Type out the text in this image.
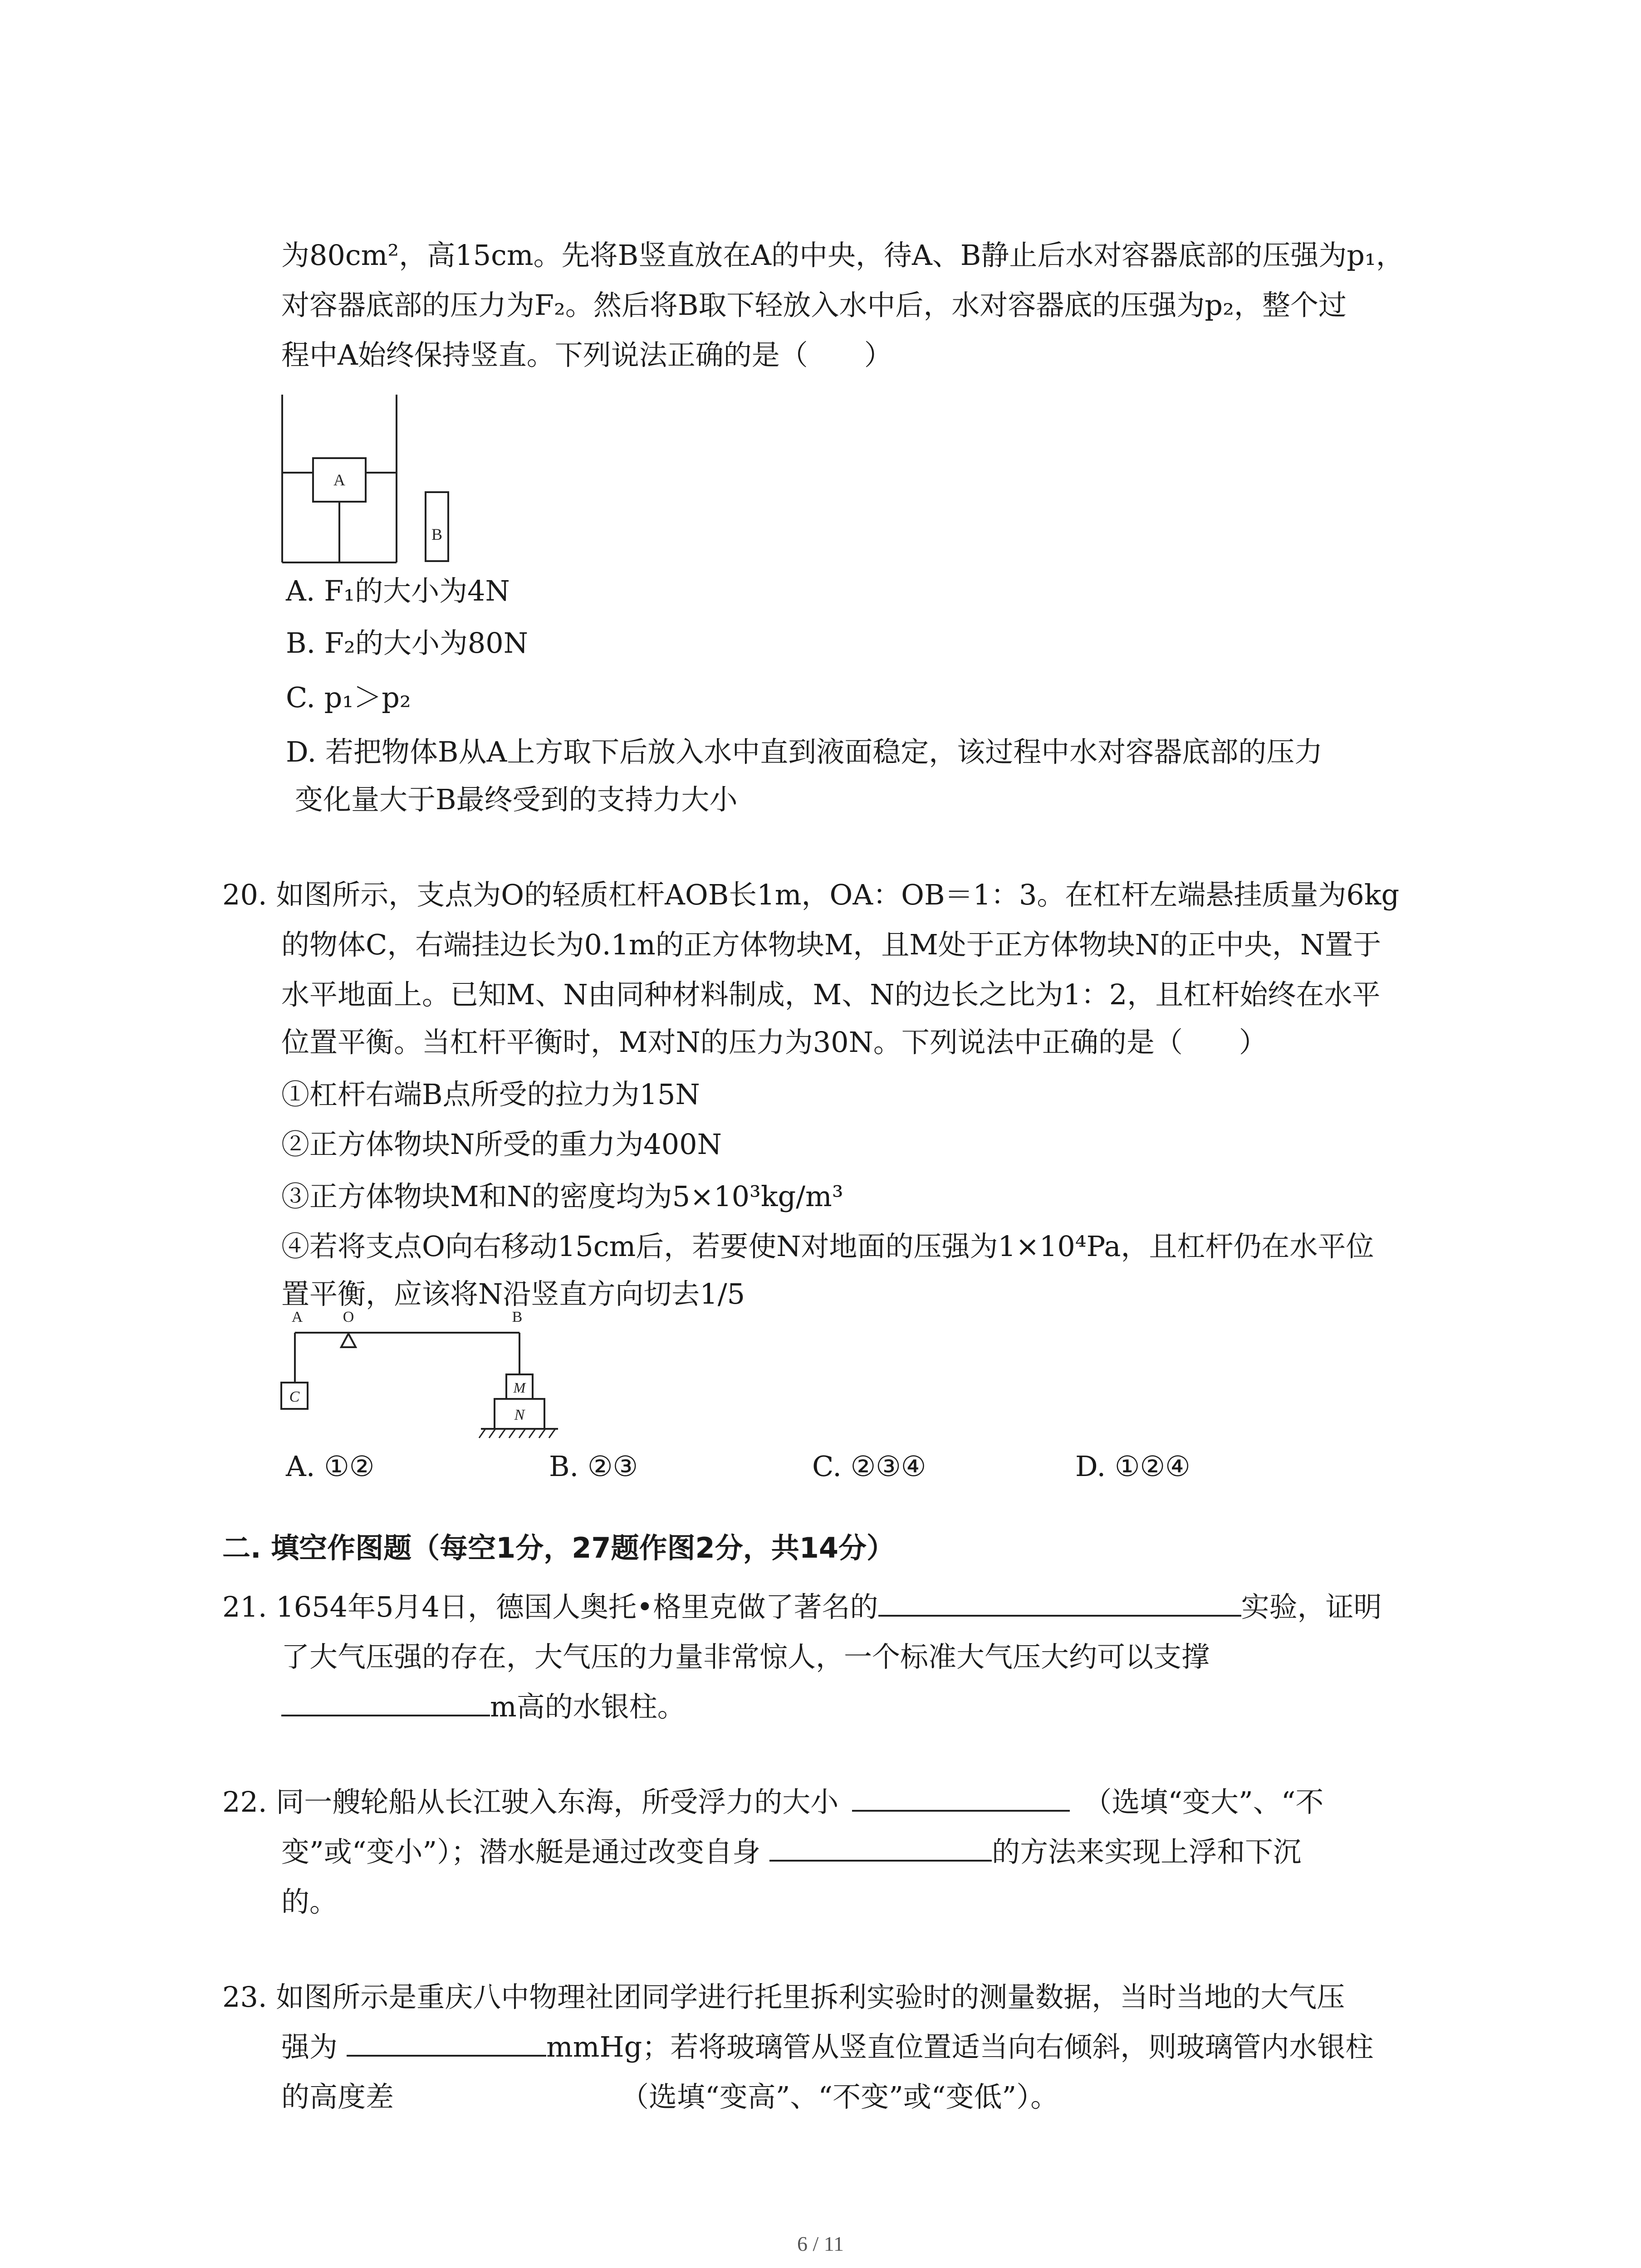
为80cm²，高15cm。先将B竖直放在A的中央，待A、B静止后水对容器底部的压强为p₁，
对容器底部的压力为F₂。然后将B取下轻放入水中后，水对容器底的压强为p₂，整个过
程中A始终保持竖直。下列说法正确的是（　　）
A
B
A. F₁的大小为4N
B. F₂的大小为80N
C. p₁＞p₂
D. 若把物体B从A上方取下后放入水中直到液面稳定，该过程中水对容器底部的压力
变化量大于B最终受到的支持力大小
20. 如图所示，支点为O的轻质杠杆AOB长1m，OA：OB＝1：3。在杠杆左端悬挂质量为6kg
的物体C，右端挂边长为0.1m的正方体物块M，且M处于正方体物块N的正中央，N置于
水平地面上。已知M、N由同种材料制成，M、N的边长之比为1：2，且杠杆始终在水平
位置平衡。当杠杆平衡时，M对N的压力为30N。下列说法中正确的是（　　）
①杠杆右端B点所受的拉力为15N
②正方体物块N所受的重力为400N
③正方体物块M和N的密度均为5×10³kg/m³
④若将支点O向右移动15cm后，若要使N对地面的压强为1×10⁴Pa，且杠杆仍在水平位
置平衡，应该将N沿竖直方向切去1/5
A	O	B
C
M
N
A. ①②	B. ②③	C. ②③④	D. ①②④
二. 填空作图题（每空1分，27题作图2分，共14分）
21. 1654年5月4日，德国人奥托•格里克做了著名的	实验，证明
了大气压强的存在，大气压的力量非常惊人，一个标准大气压大约可以支撑
m高的水银柱。
22. 同一艘轮船从长江驶入东海，所受浮力的大小	（选填“变大”、“不
变”或“变小”）；潜水艇是通过改变自身	的方法来实现上浮和下沉
的。
23. 如图所示是重庆八中物理社团同学进行托里拆利实验时的测量数据，当时当地的大气压
强为	mmHg；若将玻璃管从竖直位置适当向右倾斜，则玻璃管内水银柱
的高度差	（选填“变高”、“不变”或“变低”）。
6 / 11
